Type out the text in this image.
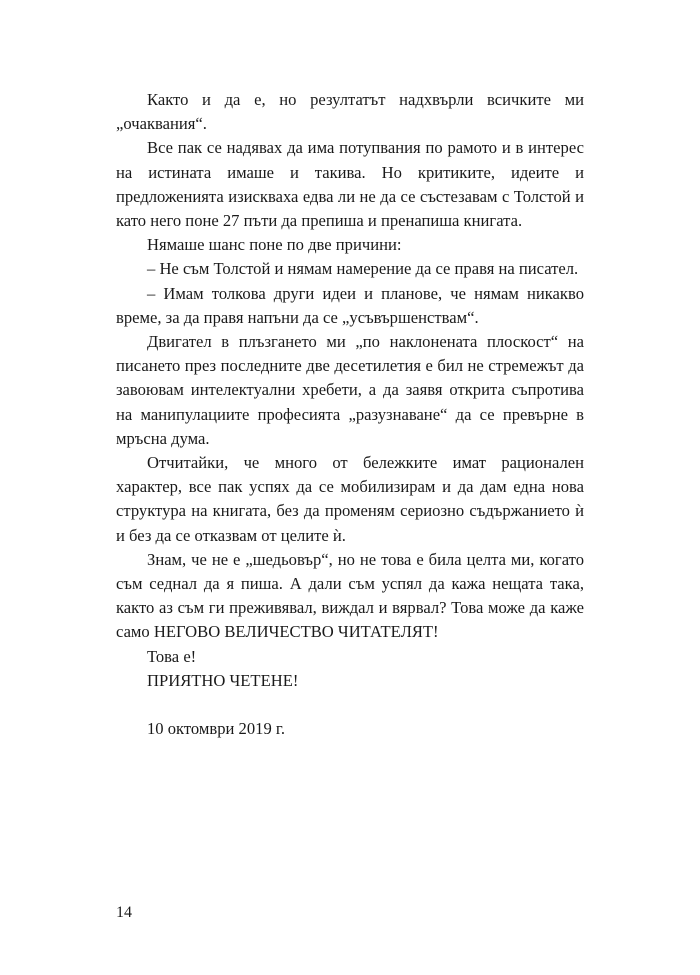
Както и да е, но резултатът надхвърли всичките ми „очаквания“.

Все пак се надявах да има потупвания по рамото и в интерес на истината имаше и такива. Но критиките, идеите и предложенията изискваха едва ли не да се състезавам с Толстой и като него поне 27 пъти да препиша и пренапиша книгата.

Нямаше шанс поне по две причини:

– Не съм Толстой и нямам намерение да се правя на писател.

– Имам толкова други идеи и планове, че нямам никакво време, за да правя напъни да се „усъвършенствам“.

Двигател в плъзгането ми „по наклонената плоскост“ на писането през последните две десетилетия е бил не стремежът да завоювам интелектуални хребети, а да заявя открита съпротива на манипулациите професията „разузнаване“ да се превърне в мръсна дума.

Отчитайки, че много от бележките имат рационален характер, все пак успях да се мобилизирам и да дам една нова структура на книгата, без да променям сериозно съдържанието ѝ и без да се отказвам от целите ѝ.

Знам, че не е „шедьовър“, но не това е била целта ми, когато съм седнал да я пиша. А дали съм успял да кажа нещата така, както аз съм ги преживявал, виждал и вярвал? Това може да каже само НЕГОВО ВЕЛИЧЕСТВО ЧИТАТЕЛЯТ!

Това е!

ПРИЯТНО ЧЕТЕНЕ!

10 октомври 2019 г.

14
